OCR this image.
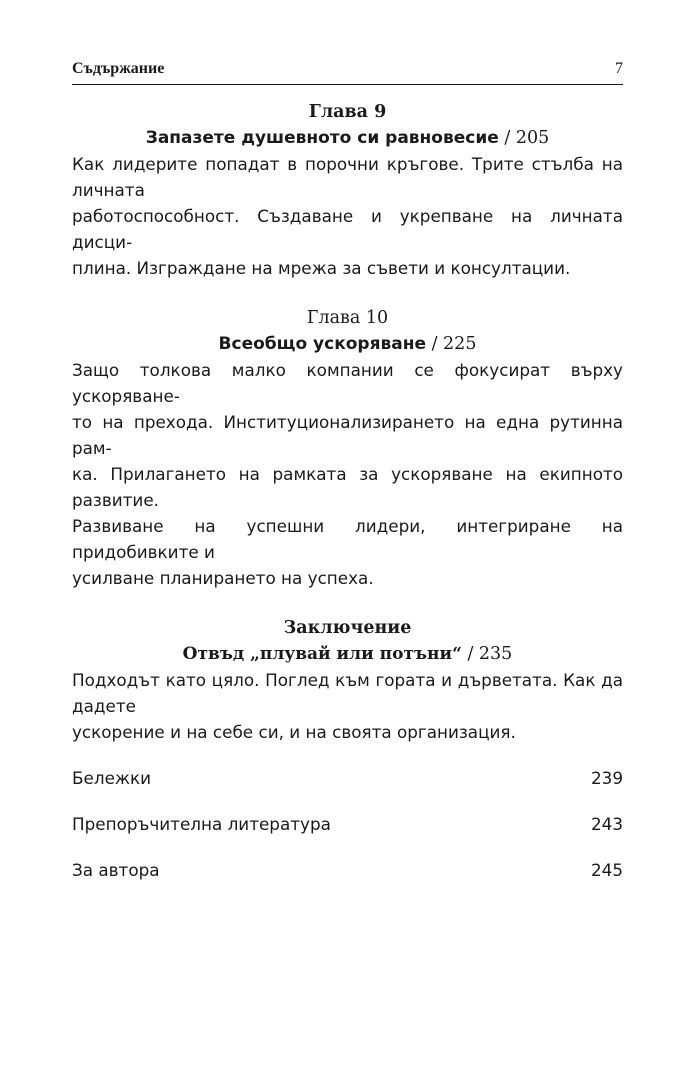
Съдържание	7
Глава 9
Запазете душевното си равновесие / 205
Как лидерите попадат в порочни кръгове. Трите стълба на личната
работоспособност. Създаване и укрепване на личната дисци-
плина. Изграждане на мрежа за съвети и консултации.
Глава 10
Всеобщо ускоряване / 225
Защо толкова малко компании се фокусират върху ускоряване-
то на прехода. Институционализирането на една рутинна рам-
ка. Прилагането на рамката за ускоряване на екипното развитие.
Развиване на успешни лидери, интегриране на придобивките и
усилване планирането на успеха.
Заключение
Отвъд „плувай или потъни“ / 235
Подходът като цяло. Поглед към гората и дърветата. Как да дадете
ускорение и на себе си, и на своята организация.
Бележки	239
Препоръчителна литература	243
За автора	245
